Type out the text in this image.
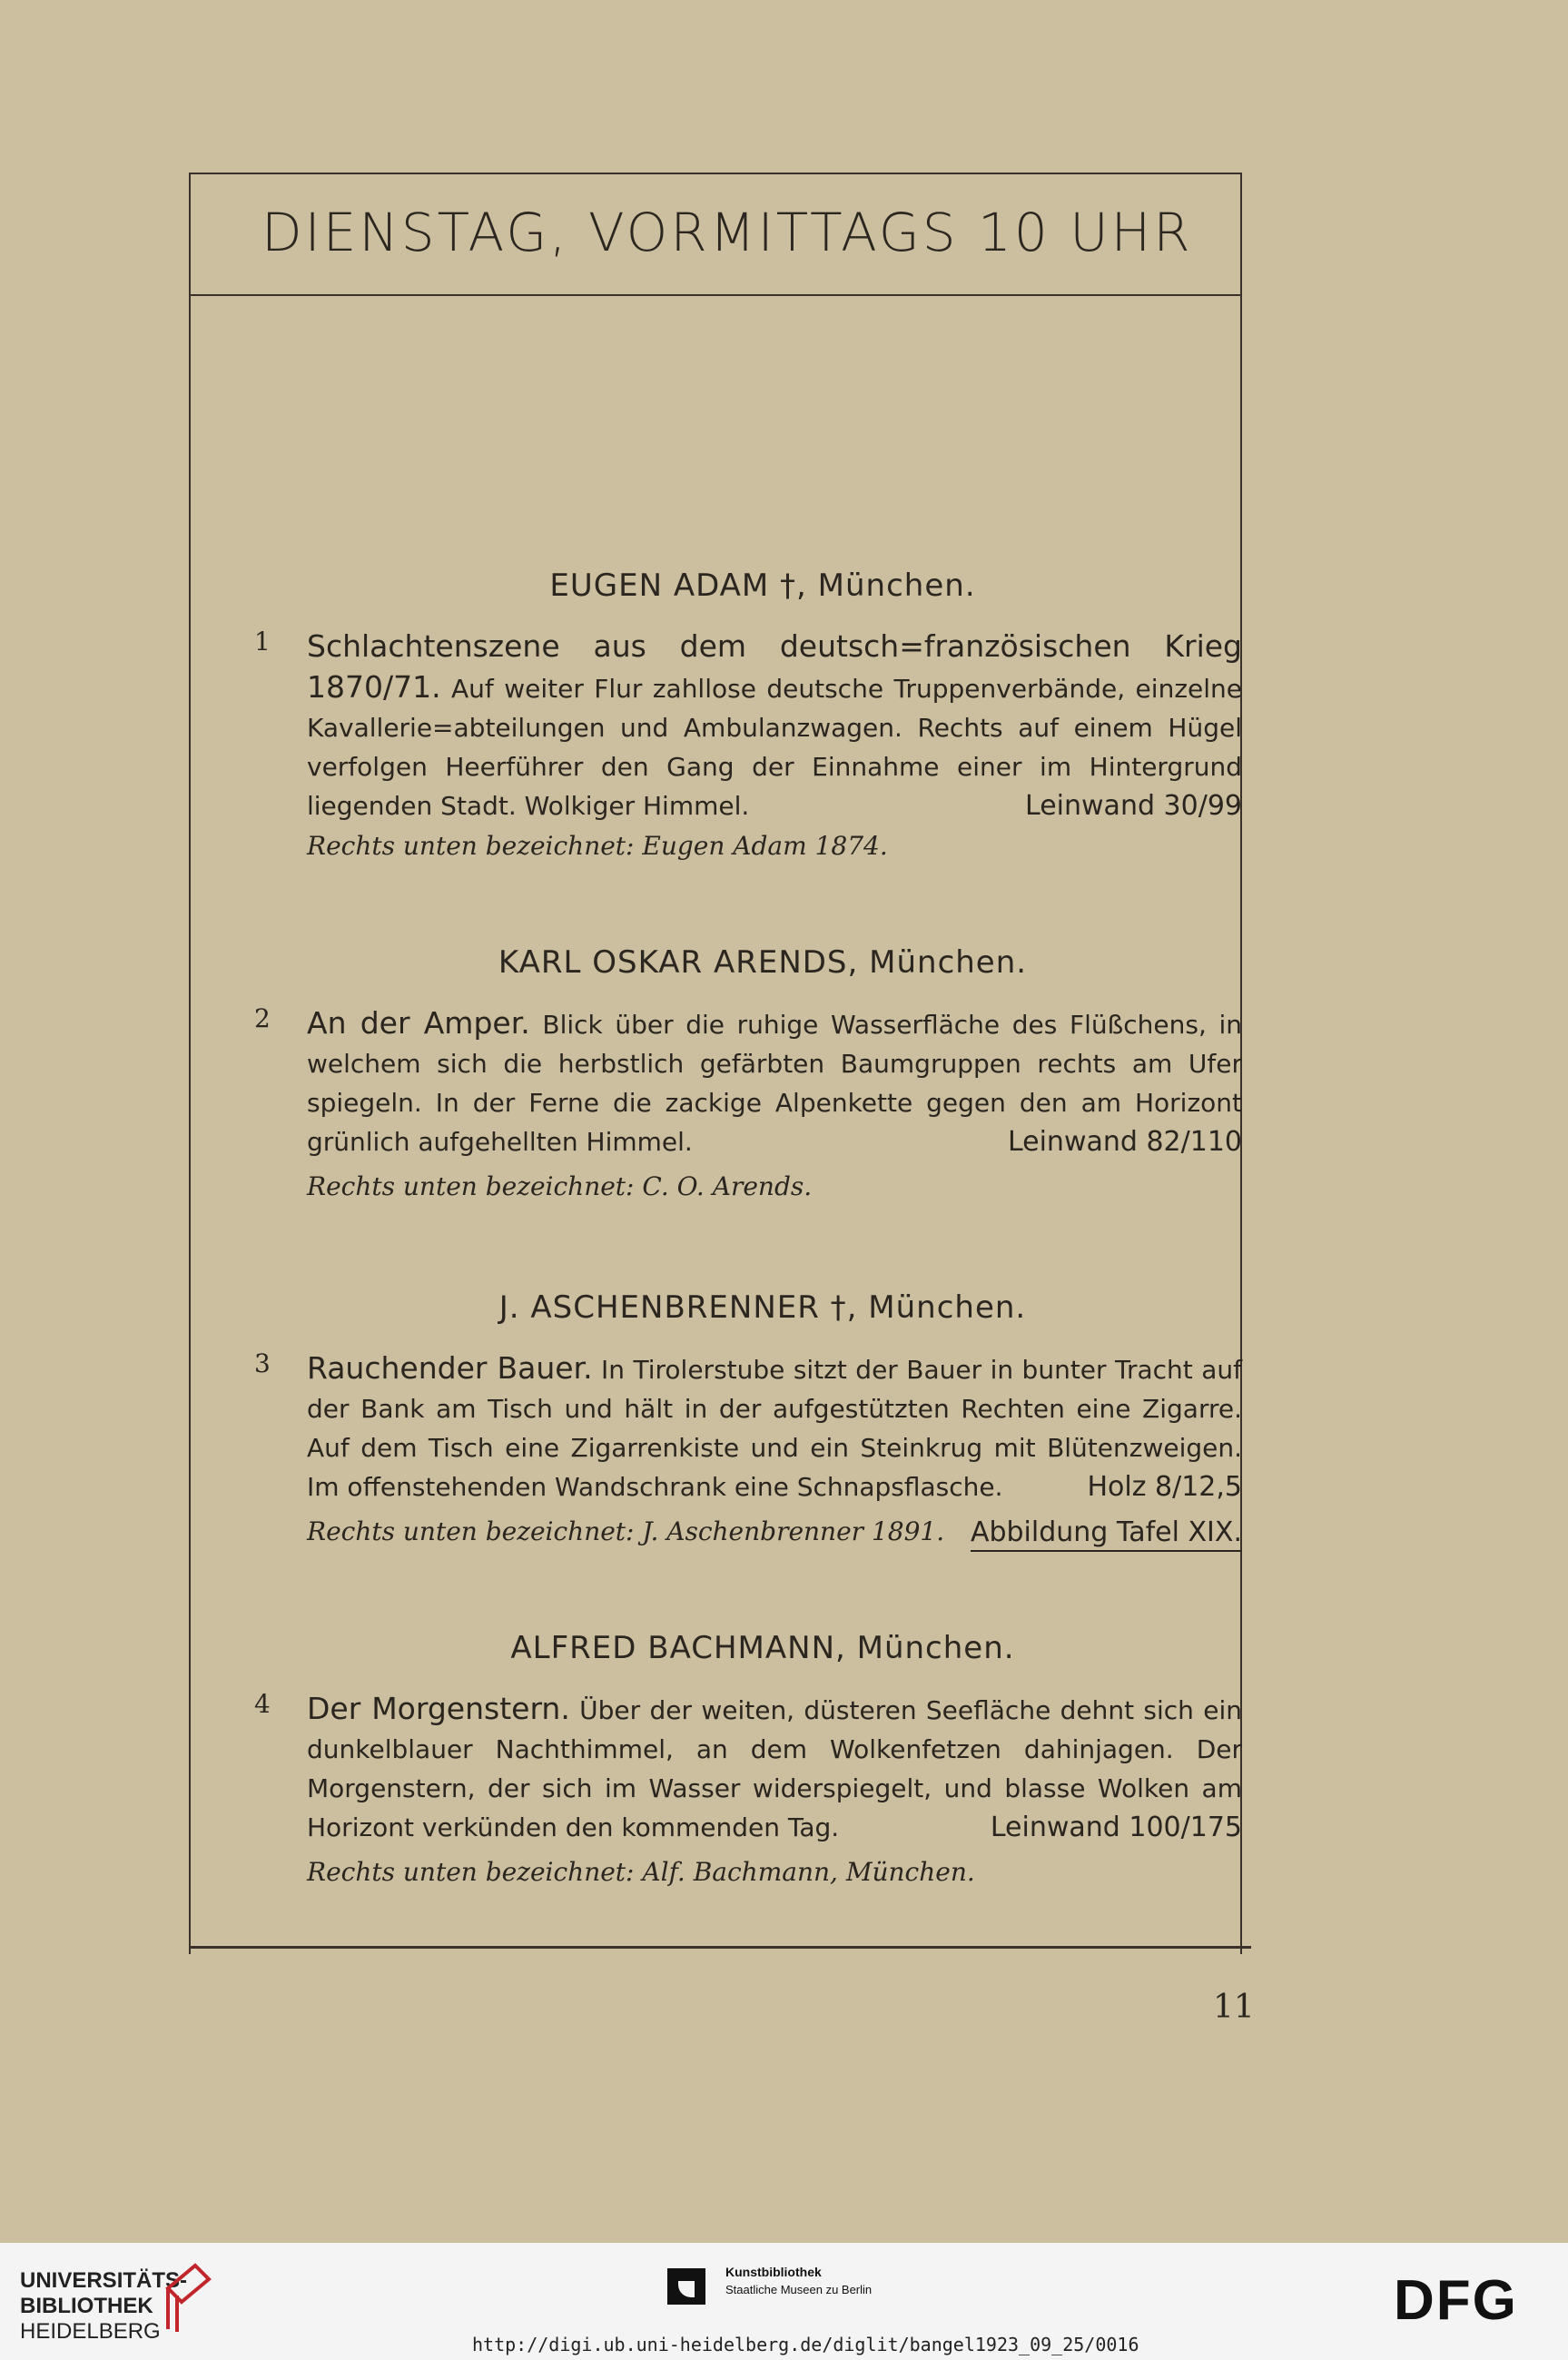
DIENSTAG, VORMITTAGS 10 UHR
EUGEN ADAM †, München.
1	Schlachtenszene aus dem deutsch=französischen Krieg 1870/71. Auf weiter Flur zahllose deutsche Truppenverbände, einzelne Kavallerie=abteilungen und Ambulanzwagen. Rechts auf einem Hügel verfolgen Heerführer den Gang der Einnahme einer im Hintergrund liegenden Stadt. Wolkiger Himmel.	Leinwand 30/99
Rechts unten bezeichnet: Eugen Adam 1874.
KARL OSKAR ARENDS, München.
2	An der Amper. Blick über die ruhige Wasserfläche des Flüßchens, in welchem sich die herbstlich gefärbten Baumgruppen rechts am Ufer spiegeln. In der Ferne die zackige Alpenkette gegen den am Horizont grünlich aufgehellten Himmel.	Leinwand 82/110
Rechts unten bezeichnet: C. O. Arends.
J. ASCHENBRENNER †, München.
3	Rauchender Bauer. In Tirolerstube sitzt der Bauer in bunter Tracht auf der Bank am Tisch und hält in der aufgestützten Rechten eine Zigarre. Auf dem Tisch eine Zigarrenkiste und ein Steinkrug mit Blütenzweigen. Im offenstehenden Wandschrank eine Schnapsflasche.	Holz 8/12,5
Rechts unten bezeichnet: J. Aschenbrenner 1891. Abbildung Tafel XIX.
ALFRED BACHMANN, München.
4	Der Morgenstern. Über der weiten, düsteren Seefläche dehnt sich ein dunkelblauer Nachthimmel, an dem Wolkenfetzen dahinjagen. Der Morgenstern, der sich im Wasser widerspiegelt, und blasse Wolken am Horizont verkünden den kommenden Tag.	Leinwand 100/175
Rechts unten bezeichnet: Alf. Bachmann, München.
11
UNIVERSITÄTS-
BIBLIOTHEK
HEIDELBERG
Kunstbibliothek
Staatliche Museen zu Berlin	DFG
http://digi.ub.uni-heidelberg.de/diglit/bangel1923_09_25/0016
